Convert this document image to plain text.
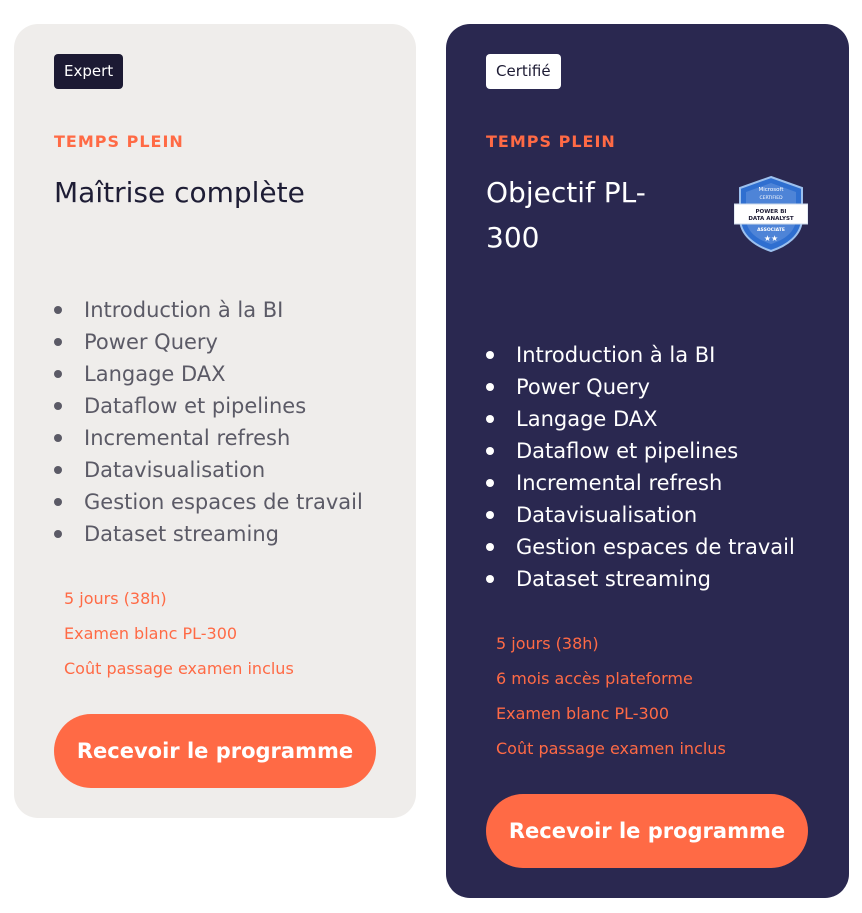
Expert
TEMPS PLEIN
Maîtrise complète
Introduction à la BI
Power Query
Langage DAX
Dataflow et pipelines
Incremental refresh
Datavisualisation
Gestion espaces de travail
Dataset streaming
5 jours (38h)
Examen blanc PL-300
Coût passage examen inclus
Recevoir le programme
Certifié
TEMPS PLEIN
Objectif PL-300
Microsoft
CERTIFIED
POWER BI
DATA ANALYST
ASSOCIATE
★★
Introduction à la BI
Power Query
Langage DAX
Dataflow et pipelines
Incremental refresh
Datavisualisation
Gestion espaces de travail
Dataset streaming
5 jours (38h)
6 mois accès plateforme
Examen blanc PL-300
Coût passage examen inclus
Recevoir le programme
